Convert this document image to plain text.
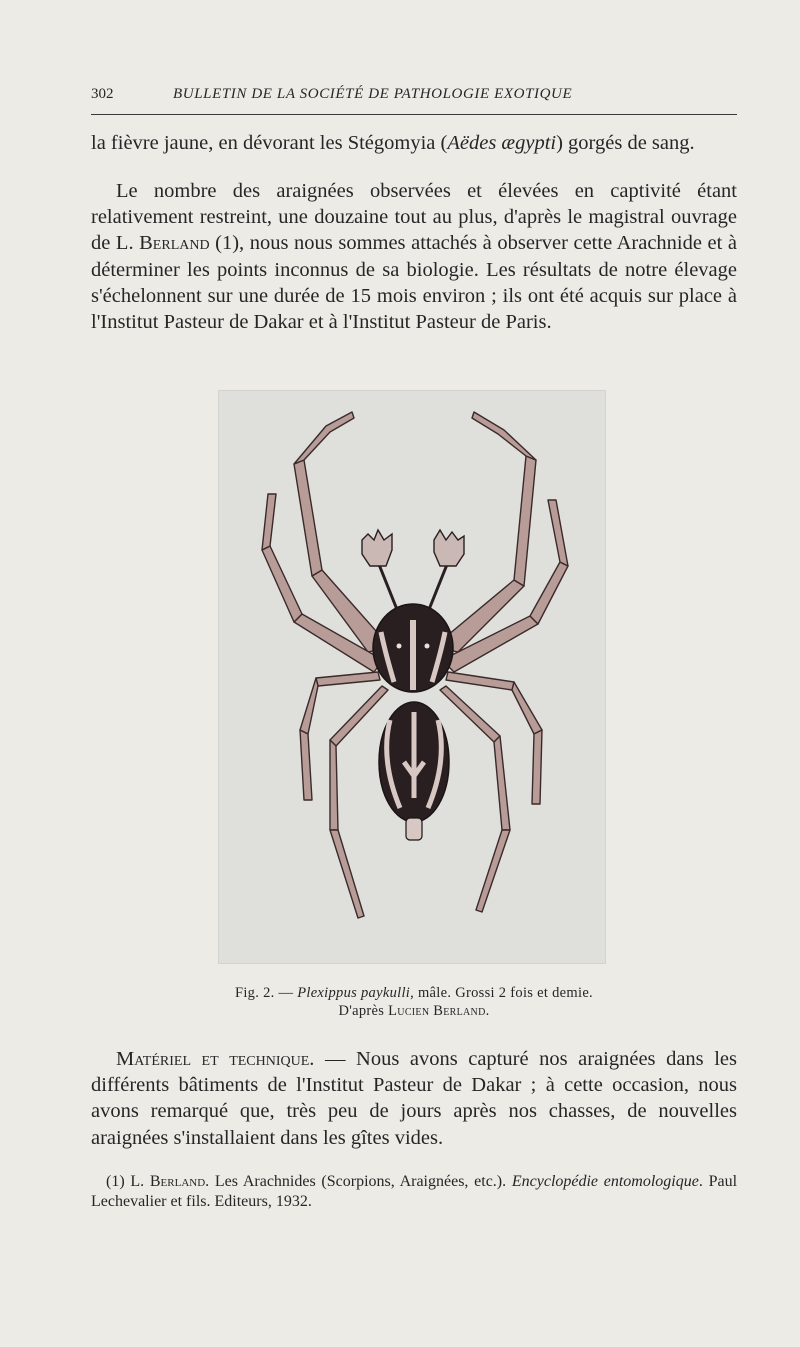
302	BULLETIN DE LA SOCIÉTÉ DE PATHOLOGIE EXOTIQUE

la fièvre jaune, en dévorant les Stégomyia (Aëdes ægypti) gorgés de sang.

Le nombre des araignées observées et élevées en captivité étant relativement restreint, une douzaine tout au plus, d'après le magistral ouvrage de L. Berland (1), nous nous sommes attachés à observer cette Arachnide et à déterminer les points inconnus de sa biologie. Les résultats de notre élevage s'échelonnent sur une durée de 15 mois environ ; ils ont été acquis sur place à l'Institut Pasteur de Dakar et à l'Institut Pasteur de Paris.

Fig. 2. — Plexippus paykulli, mâle. Grossi 2 fois et demie.

D'après Lucien Berland.

Matériel et technique. — Nous avons capturé nos araignées dans les différents bâtiments de l'Institut Pasteur de Dakar ; à cette occasion, nous avons remarqué que, très peu de jours après nos chasses, de nouvelles araignées s'installaient dans les gîtes vides.

(1) L. Berland. Les Arachnides (Scorpions, Araignées, etc.). Encyclopédie entomologique. Paul Lechevalier et fils. Editeurs, 1932.
